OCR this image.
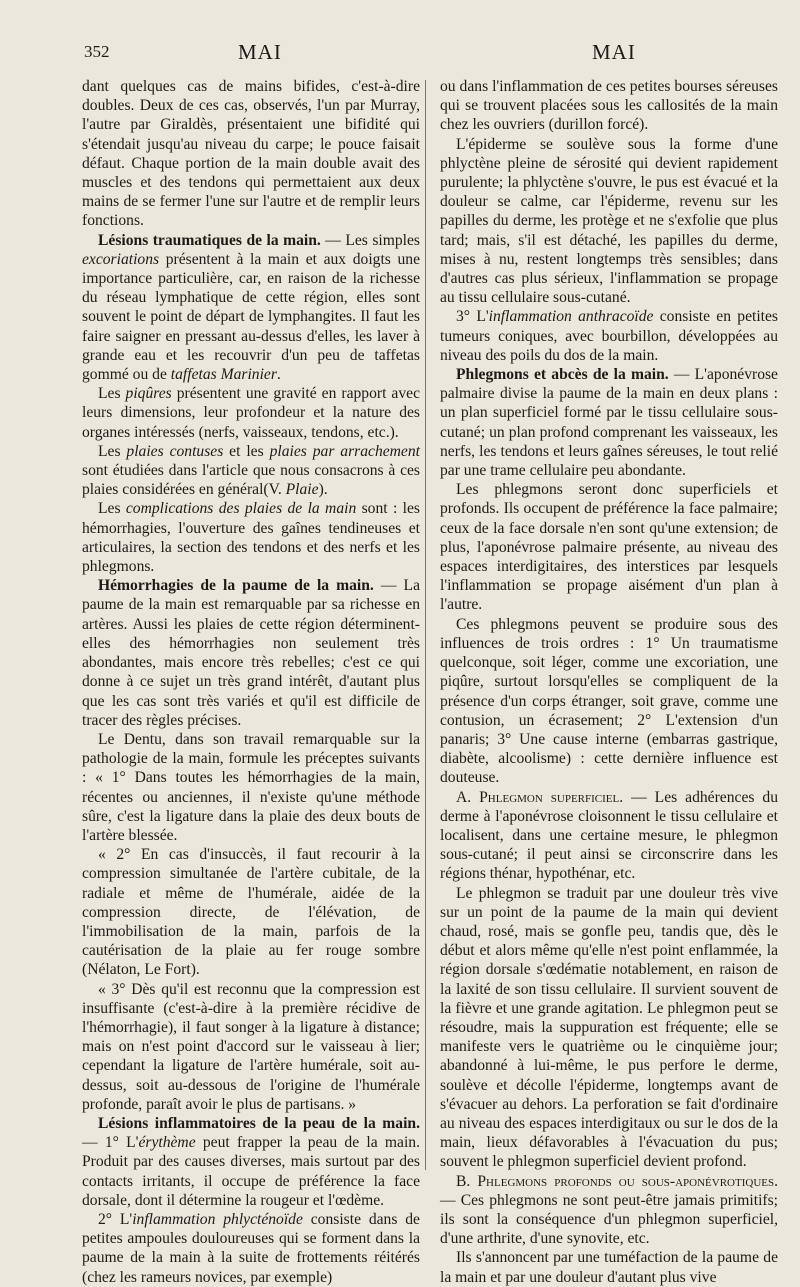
352	MAI	MAI

dant quelques cas de mains bifides, c'est-à-dire doubles. Deux de ces cas, observés, l'un par Murray, l'autre par Giraldès, présentaient une bifidité qui s'étendait jusqu'au niveau du carpe; le pouce faisait défaut. Chaque portion de la main double avait des muscles et des tendons qui permettaient aux deux mains de se fermer l'une sur l'autre et de remplir leurs fonctions.

Lésions traumatiques de la main. — Les simples excoriations présentent à la main et aux doigts une importance particulière, car, en raison de la richesse du réseau lymphatique de cette région, elles sont souvent le point de départ de lymphangites. Il faut les faire saigner en pressant au-dessus d'elles, les laver à grande eau et les recouvrir d'un peu de taffetas gommé ou de taffetas Marinier.

Les piqûres présentent une gravité en rapport avec leurs dimensions, leur profondeur et la nature des organes intéressés (nerfs, vaisseaux, tendons, etc.).

Les plaies contuses et les plaies par arrachement sont étudiées dans l'article que nous consacrons à ces plaies considérées en général(V. Plaie).

Les complications des plaies de la main sont : les hémorrhagies, l'ouverture des gaînes tendineuses et articulaires, la section des tendons et des nerfs et les phlegmons.

Hémorrhagies de la paume de la main. — La paume de la main est remarquable par sa richesse en artères. Aussi les plaies de cette région déterminent-elles des hémorrhagies non seulement très abondantes, mais encore très rebelles; c'est ce qui donne à ce sujet un très grand intérêt, d'autant plus que les cas sont très variés et qu'il est difficile de tracer des règles précises.

Le Dentu, dans son travail remarquable sur la pathologie de la main, formule les préceptes suivants : « 1° Dans toutes les hémorrhagies de la main, récentes ou anciennes, il n'existe qu'une méthode sûre, c'est la ligature dans la plaie des deux bouts de l'artère blessée.

« 2° En cas d'insuccès, il faut recourir à la compression simultanée de l'artère cubitale, de la radiale et même de l'humérale, aidée de la compression directe, de l'élévation, de l'immobilisation de la main, parfois de la cautérisation de la plaie au fer rouge sombre (Nélaton, Le Fort).

« 3° Dès qu'il est reconnu que la compression est insuffisante (c'est-à-dire à la première récidive de l'hémorrhagie), il faut songer à la ligature à distance; mais on n'est point d'accord sur le vaisseau à lier; cependant la ligature de l'artère humérale, soit au-dessus, soit au-dessous de l'origine de l'humérale profonde, paraît avoir le plus de partisans. »

Lésions inflammatoires de la peau de la main. — 1° L'érythème peut frapper la peau de la main. Produit par des causes diverses, mais surtout par des contacts irritants, il occupe de préférence la face dorsale, dont il détermine la rougeur et l'œdème.

2° L'inflammation phlycténoïde consiste dans de petites ampoules douloureuses qui se forment dans la paume de la main à la suite de frottements réitérés (chez les rameurs novices, par exemple)

ou dans l'inflammation de ces petites bourses séreuses qui se trouvent placées sous les callosités de la main chez les ouvriers (durillon forcé).

L'épiderme se soulève sous la forme d'une phlyctène pleine de sérosité qui devient rapidement purulente; la phlyctène s'ouvre, le pus est évacué et la douleur se calme, car l'épiderme, revenu sur les papilles du derme, les protège et ne s'exfolie que plus tard; mais, s'il est détaché, les papilles du derme, mises à nu, restent longtemps très sensibles; dans d'autres cas plus sérieux, l'inflammation se propage au tissu cellulaire sous-cutané.

3° L'inflammation anthracoïde consiste en petites tumeurs coniques, avec bourbillon, développées au niveau des poils du dos de la main.

Phlegmons et abcès de la main. — L'aponévrose palmaire divise la paume de la main en deux plans : un plan superficiel formé par le tissu cellulaire sous-cutané; un plan profond comprenant les vaisseaux, les nerfs, les tendons et leurs gaînes séreuses, le tout relié par une trame cellulaire peu abondante.

Les phlegmons seront donc superficiels et profonds. Ils occupent de préférence la face palmaire; ceux de la face dorsale n'en sont qu'une extension; de plus, l'aponévrose palmaire présente, au niveau des espaces interdigitaires, des interstices par lesquels l'inflammation se propage aisément d'un plan à l'autre.

Ces phlegmons peuvent se produire sous des influences de trois ordres : 1° Un traumatisme quelconque, soit léger, comme une excoriation, une piqûre, surtout lorsqu'elles se compliquent de la présence d'un corps étranger, soit grave, comme une contusion, un écrasement; 2° L'extension d'un panaris; 3° Une cause interne (embarras gastrique, diabète, alcoolisme) : cette dernière influence est douteuse.

A. Phlegmon superficiel. — Les adhérences du derme à l'aponévrose cloisonnent le tissu cellulaire et localisent, dans une certaine mesure, le phlegmon sous-cutané; il peut ainsi se circonscrire dans les régions thénar, hypothénar, etc.

Le phlegmon se traduit par une douleur très vive sur un point de la paume de la main qui devient chaud, rosé, mais se gonfle peu, tandis que, dès le début et alors même qu'elle n'est point enflammée, la région dorsale s'œdématie notablement, en raison de la laxité de son tissu cellulaire. Il survient souvent de la fièvre et une grande agitation. Le phlegmon peut se résoudre, mais la suppuration est fréquente; elle se manifeste vers le quatrième ou le cinquième jour; abandonné à lui-même, le pus perfore le derme, soulève et décolle l'épiderme, longtemps avant de s'évacuer au dehors. La perforation se fait d'ordinaire au niveau des espaces interdigitaux ou sur le dos de la main, lieux défavorables à l'évacuation du pus; souvent le phlegmon superficiel devient profond.

B. Phlegmons profonds ou sous-aponévrotiques. — Ces phlegmons ne sont peut-être jamais primitifs; ils sont la conséquence d'un phlegmon superficiel, d'une arthrite, d'une synovite, etc.

Ils s'annoncent par une tuméfaction de la paume de la main et par une douleur d'autant plus vive
